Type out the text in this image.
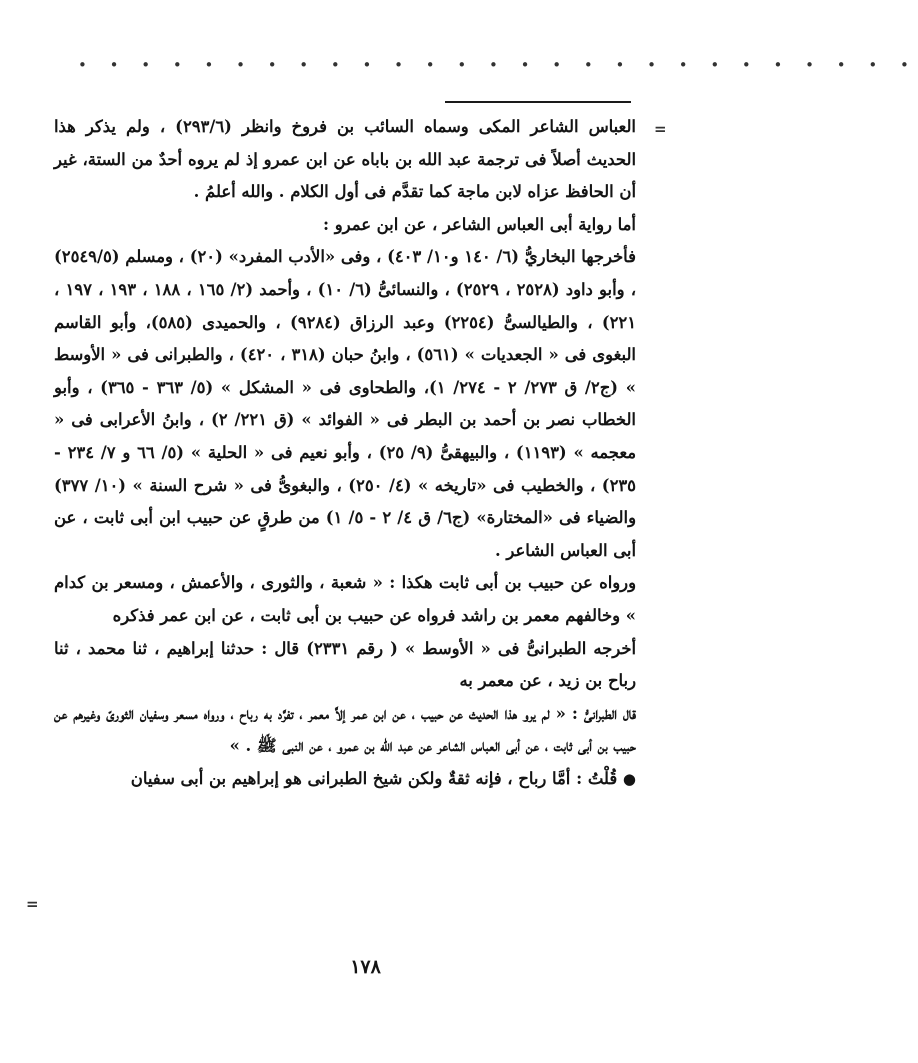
• • • • • • • • • • • • • • • • • • • • • • • • • • •
=
=

العباس الشاعر المكى وسماه السائب بن فروخ وانظر (٢٩٣/٦) ، ولم يذكر هذا الحديث أصلاً فى ترجمة عبد الله بن باباه عن ابن عمرو إذ لم يروه أحدٌ من الستة، غير أن الحافظ عزاه لابن ماجة كما تقدَّم فى أول الكلام . والله أعلمُ .

أما رواية أبى العباس الشاعر ، عن ابن عمرو :

فأخرجها البخاريُّ (٦/ ١٤٠ و١٠/ ٤٠٣) ، وفى «الأدب المفرد» (٢٠) ، ومسلم (٢٥٤٩/٥) ، وأبو داود (٢٥٢٨ ، ٢٥٢٩) ، والنسائىُّ (٦/ ١٠) ، وأحمد (٢/ ١٦٥ ، ١٨٨ ، ١٩٣ ، ١٩٧ ، ٢٢١) ، والطيالسىُّ (٢٢٥٤) وعبد الرزاق (٩٢٨٤) ، والحميدى (٥٨٥)، وأبو القاسم البغوى فى « الجعديات » (٥٦١) ، وابنُ حبان (٣١٨ ، ٤٢٠) ، والطبرانى فى « الأوسط » (ج٢/ ق ٢٧٣/ ٢ - ٢٧٤/ ١)، والطحاوى فى « المشكل » (٥/ ٣٦٣ - ٣٦٥) ، وأبو الخطاب نصر بن أحمد بن البطر فى « الفوائد » (ق ٢٢١/ ٢) ، وابنُ الأعرابى فى « معجمه » (١١٩٣) ، والبيهقىُّ (٩/ ٢٥) ، وأبو نعيم فى « الحلية » (٥/ ٦٦ و ٧/ ٢٣٤ - ٢٣٥) ، والخطيب فى «تاريخه » (٤/ ٢٥٠) ، والبغوىُّ فى « شرح السنة » (١٠/ ٣٧٧) والضياء فى «المختارة» (ج٦/ ق ٤/ ٢ - ٥/ ١) من طرقٍ عن حبيب ابن أبى ثابت ، عن أبى العباس الشاعر .

ورواه عن حبيب بن أبى ثابت هكذا : « شعبة ، والثورى ، والأعمش ، ومسعر بن كدام » وخالفهم معمر بن راشد فرواه عن حبيب بن أبى ثابت ، عن ابن عمر فذكره

أخرجه الطبرانىُّ فى « الأوسط » ( رقم ٢٣٣١) قال : حدثنا إبراهيم ، ثنا محمد ، ثنا رباح بن زيد ، عن معمر به

قال الطبرانىُّ : « لم يرو هذا الحديث عن حبيب ، عن ابن عمر إلاَّ معمر ، تفرَّد به رباح ، ورواه مسعر وسفيان الثورىّ وغيرهم عن حبيب بن أبى ثابت ، عن أبى العباس الشاعر عن عبد الله بن عمرو ، عن النبى ﷺ . »

● قُلْتُ : أمَّا رباح ، فإنه ثقةٌ ولكن شيخ الطبرانى هو إبراهيم بن أبى سفيان

١٧٨
